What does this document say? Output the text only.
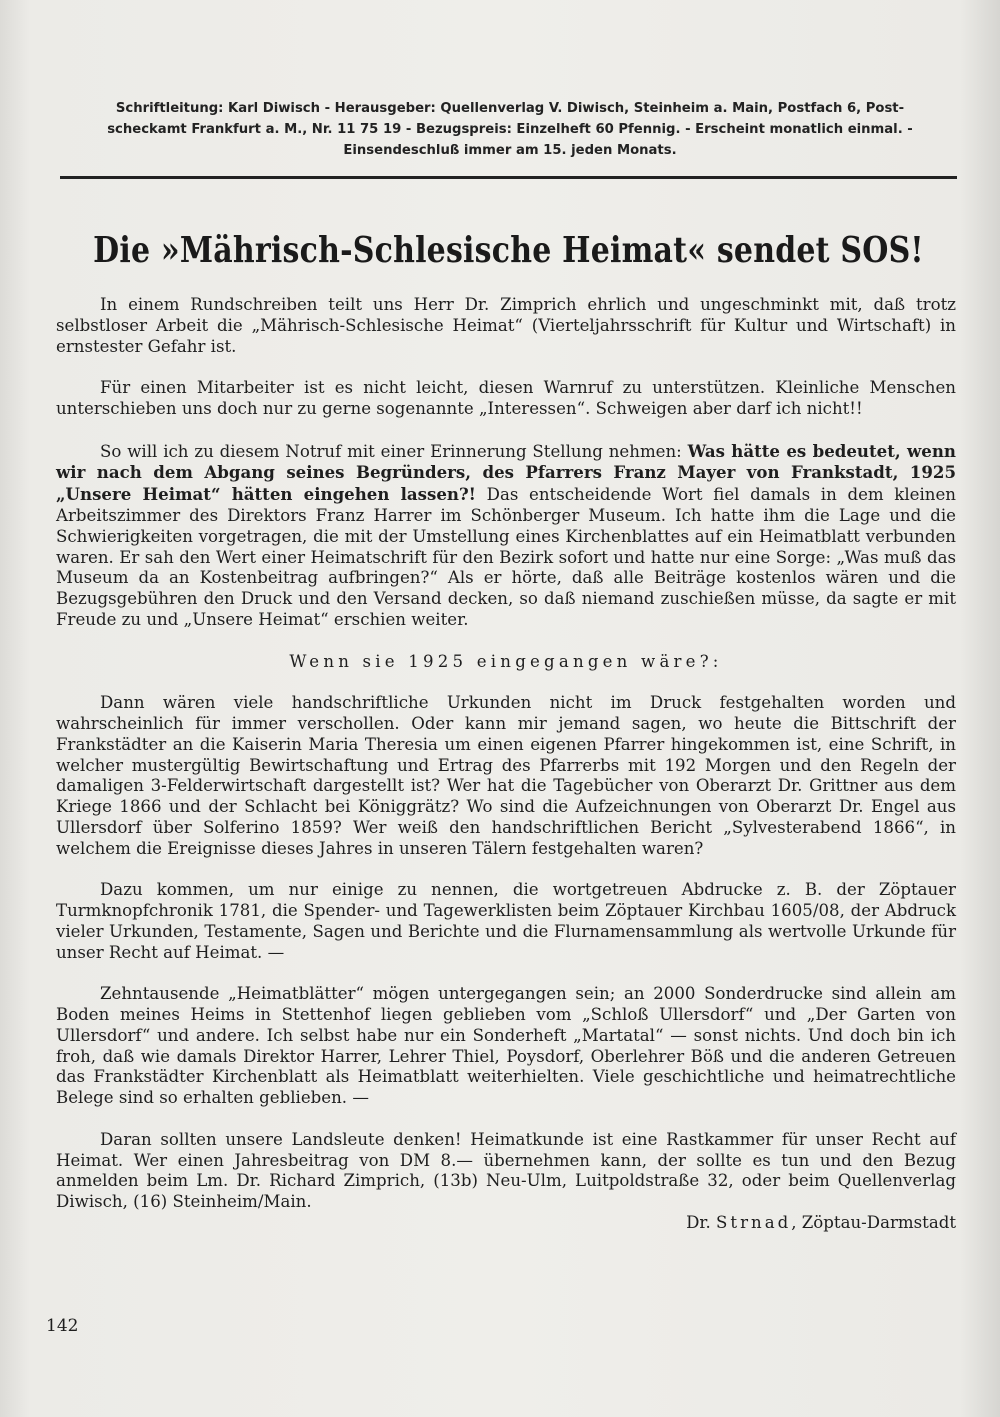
Schriftleitung: Karl Diwisch - Herausgeber: Quellenverlag V. Diwisch, Steinheim a. Main, Postfach 6, Post-
scheckamt Frankfurt a. M., Nr. 11 75 19 - Bezugspreis: Einzelheft 60 Pfennig. - Erscheint monatlich einmal. -
Einsendeschluß immer am 15. jeden Monats.
Die »Mährisch-Schlesische Heimat« sendet SOS!

In einem Rundschreiben teilt uns Herr Dr. Zimprich ehrlich und ungeschminkt mit, daß trotz selbstloser Arbeit die „Mährisch-Schlesische Heimat“ (Vierteljahrsschrift für Kultur und Wirtschaft) in ernstester Gefahr ist.

Für einen Mitarbeiter ist es nicht leicht, diesen Warnruf zu unterstützen. Kleinliche Menschen unterschieben uns doch nur zu gerne sogenannte „Interessen“. Schweigen aber darf ich nicht!!

So will ich zu diesem Notruf mit einer Erinnerung Stellung nehmen: Was hätte es bedeutet, wenn wir nach dem Abgang seines Begründers, des Pfarrers Franz Mayer von Frankstadt, 1925 „Unsere Heimat“ hätten eingehen lassen?! Das entscheidende Wort fiel damals in dem kleinen Arbeitszimmer des Direktors Franz Harrer im Schönberger Museum. Ich hatte ihm die Lage und die Schwierigkeiten vorgetragen, die mit der Umstellung eines Kirchenblattes auf ein Heimatblatt verbunden waren. Er sah den Wert einer Heimatschrift für den Bezirk sofort und hatte nur eine Sorge: „Was muß das Museum da an Kostenbeitrag aufbringen?“ Als er hörte, daß alle Beiträge kostenlos wären und die Bezugsgebühren den Druck und den Versand decken, so daß niemand zuschießen müsse, da sagte er mit Freude zu und „Unsere Heimat“ erschien weiter.

Wenn sie 1925 eingegangen wäre?:

Dann wären viele handschriftliche Urkunden nicht im Druck festgehalten worden und wahrscheinlich für immer verschollen. Oder kann mir jemand sagen, wo heute die Bittschrift der Frankstädter an die Kaiserin Maria Theresia um einen eigenen Pfarrer hingekommen ist, eine Schrift, in welcher mustergültig Bewirtschaftung und Ertrag des Pfarrerbs mit 192 Morgen und den Regeln der damaligen 3-Felderwirtschaft dargestellt ist? Wer hat die Tagebücher von Oberarzt Dr. Grittner aus dem Kriege 1866 und der Schlacht bei Königgrätz? Wo sind die Aufzeichnungen von Oberarzt Dr. Engel aus Ullersdorf über Solferino 1859? Wer weiß den handschriftlichen Bericht „Sylvesterabend 1866“, in welchem die Ereignisse dieses Jahres in unseren Tälern festgehalten waren?

Dazu kommen, um nur einige zu nennen, die wortgetreuen Abdrucke z. B. der Zöptauer Turmknopfchronik 1781, die Spender- und Tagewerklisten beim Zöptauer Kirchbau 1605/08, der Abdruck vieler Urkunden, Testamente, Sagen und Berichte und die Flurnamensammlung als wertvolle Urkunde für unser Recht auf Heimat. —

Zehntausende „Heimatblätter“ mögen untergegangen sein; an 2000 Sonderdrucke sind allein am Boden meines Heims in Stettenhof liegen geblieben vom „Schloß Ullersdorf“ und „Der Garten von Ullersdorf“ und andere. Ich selbst habe nur ein Sonderheft „Martatal“ — sonst nichts. Und doch bin ich froh, daß wie damals Direktor Harrer, Lehrer Thiel, Poysdorf, Oberlehrer Böß und die anderen Getreuen das Frankstädter Kirchenblatt als Heimatblatt weiterhielten. Viele geschichtliche und heimatrechtliche Belege sind so erhalten geblieben. —

Daran sollten unsere Landsleute denken! Heimatkunde ist eine Rastkammer für unser Recht auf Heimat. Wer einen Jahresbeitrag von DM 8.— übernehmen kann, der sollte es tun und den Bezug anmelden beim Lm. Dr. Richard Zimprich, (13b) Neu-Ulm, Luitpoldstraße 32, oder beim Quellenverlag Diwisch, (16) Steinheim/Main.

Dr. Strnad, Zöptau-Darmstadt

142
